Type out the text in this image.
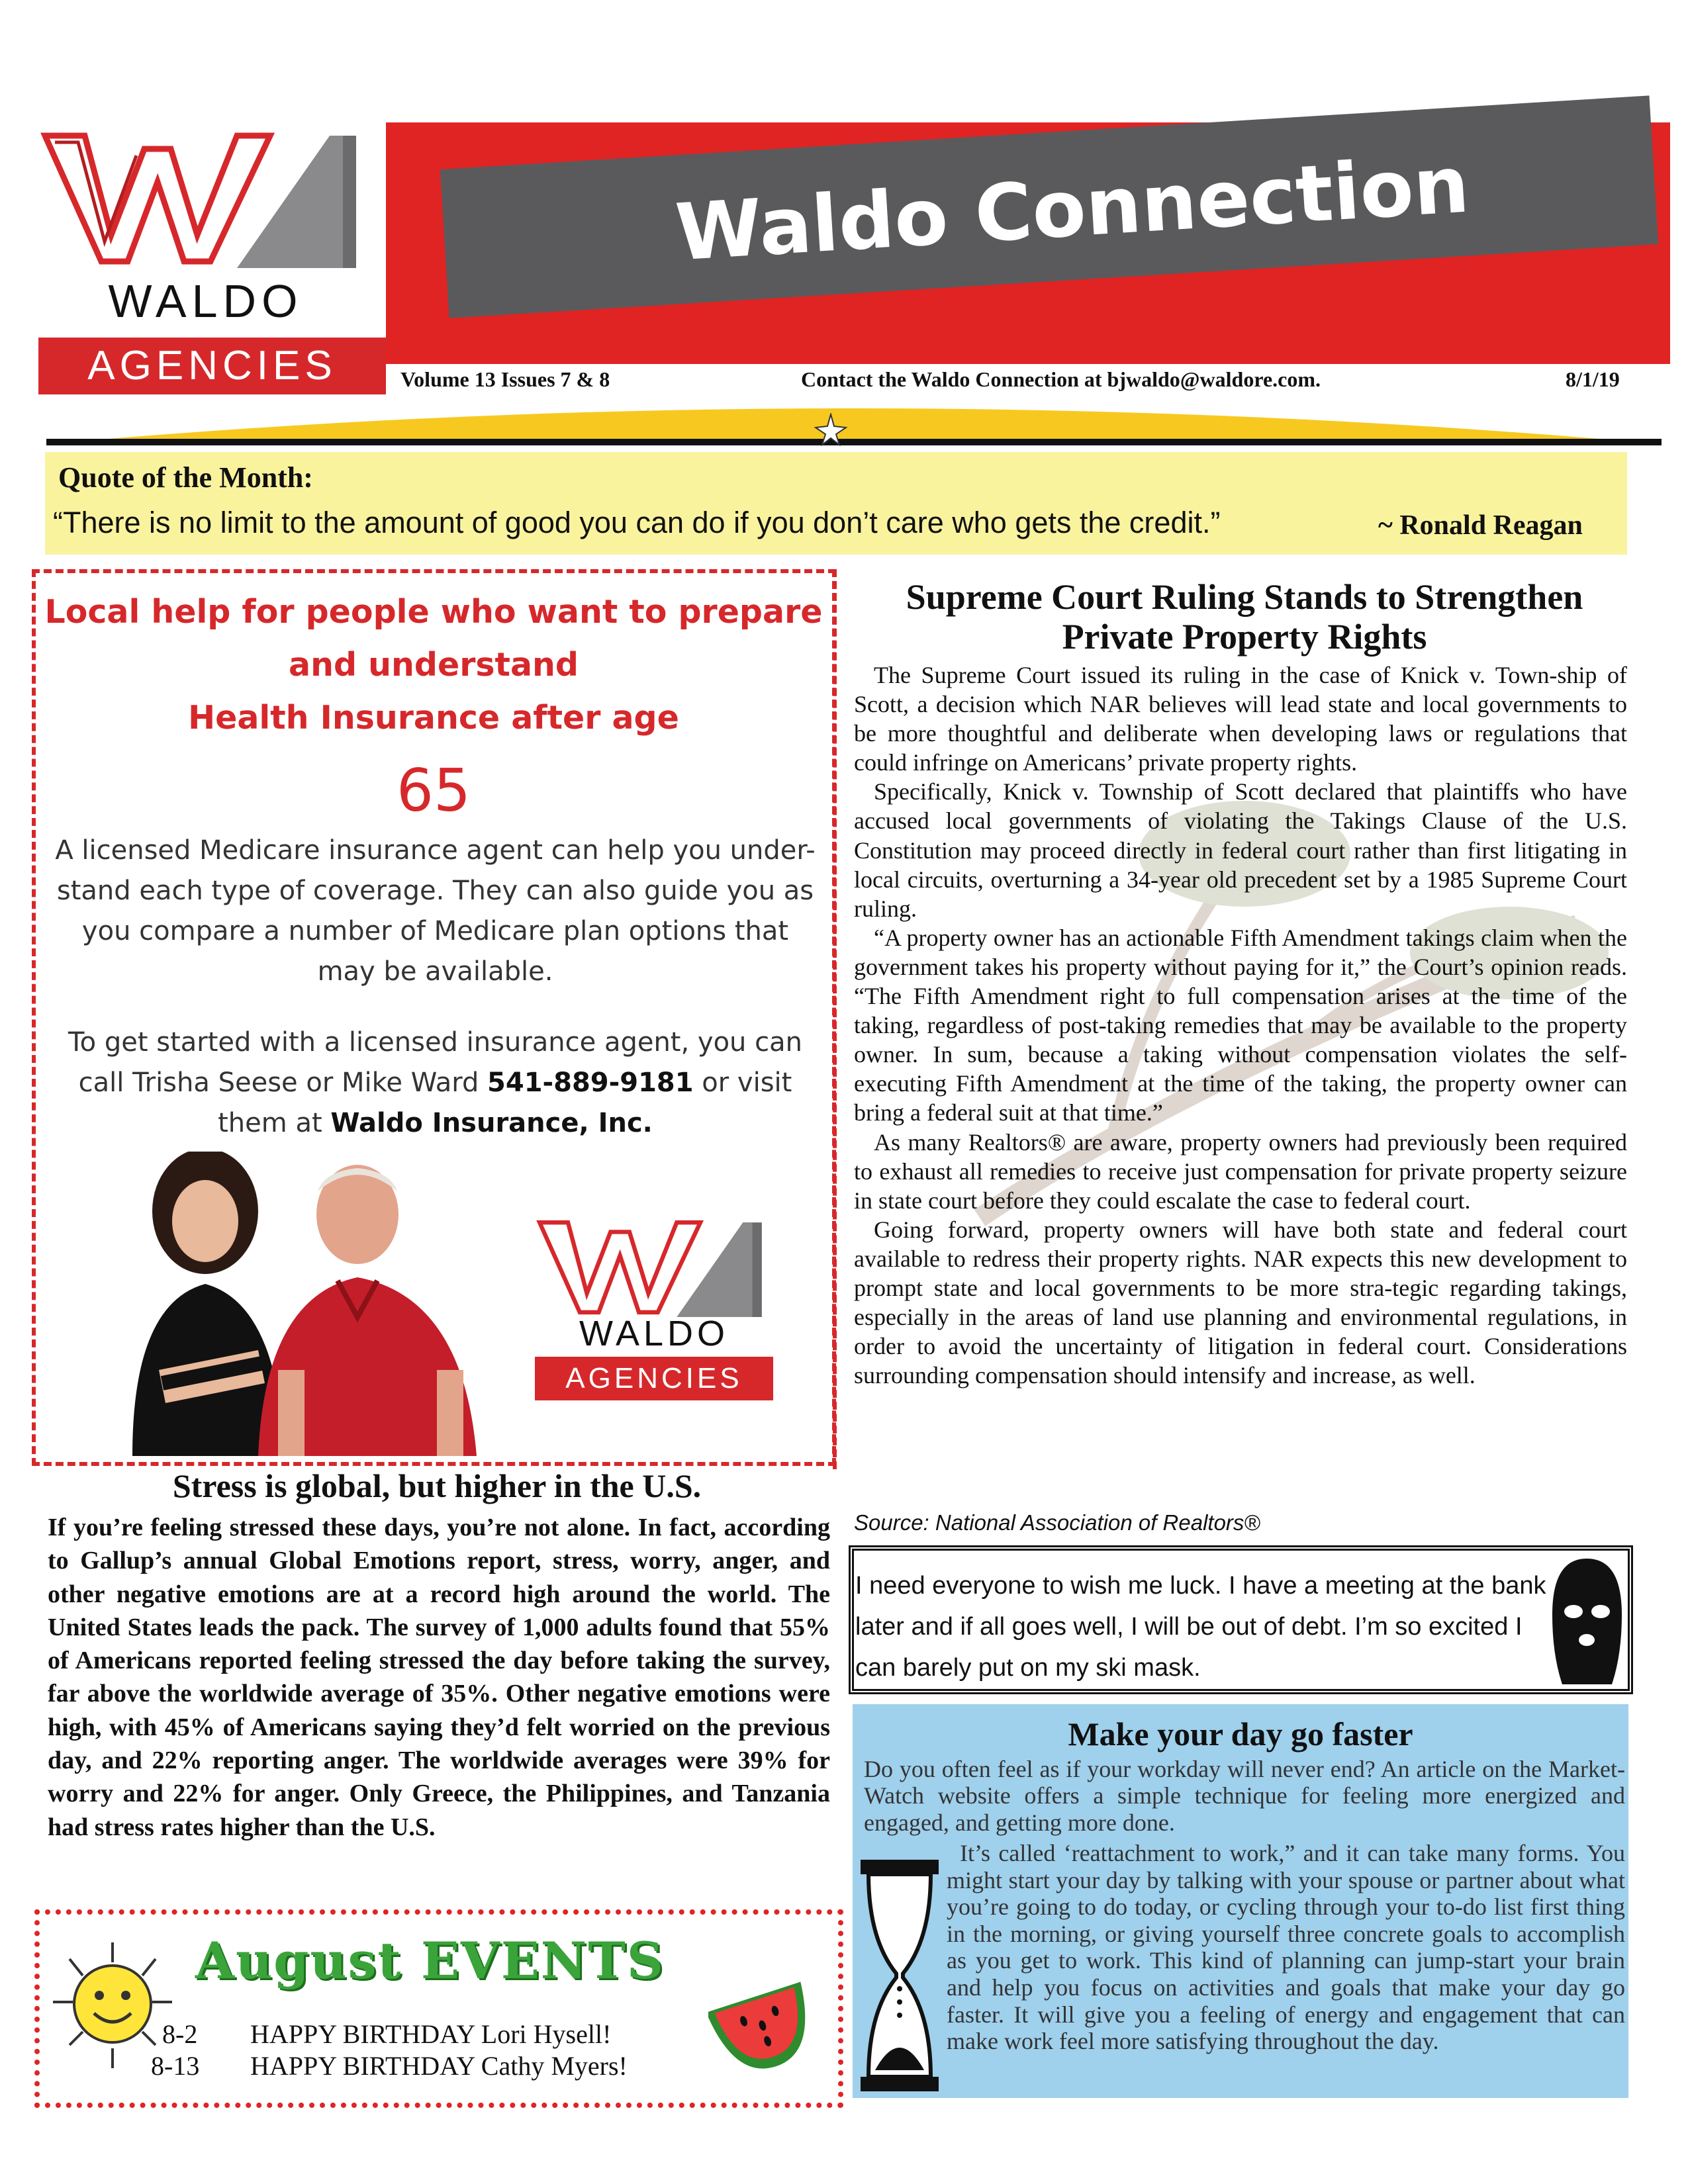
WALDO
AGENCIES
Waldo Connection
Volume 13 Issues 7 & 8	Contact the Waldo Connection at bjwaldo@waldore.com.	8/1/19
Quote of the Month:
“There is no limit to the amount of good you can do if you don’t care who gets the credit.”	~ Ronald Reagan
Local help for people who want to prepare
and understand
Health Insurance after age
65
A licensed Medicare insurance agent can help you under-stand each type of coverage. They can also guide you as you compare a number of Medicare plan options that may be available.
To get started with a licensed insurance agent, you can call Trisha Seese or Mike Ward 541-889-9181 or visit them at Waldo Insurance, Inc.
WALDO
AGENCIES
Stress is global, but higher in the U.S.
If you’re feeling stressed these days, you’re not alone. In fact, according to Gallup’s annual Global Emotions report, stress, worry, anger, and other negative emotions are at a record high around the world. The United States leads the pack. The survey of 1,000 adults found that 55% of Americans reported feeling stressed the day before taking the survey, far above the worldwide average of 35%. Other negative emotions were high, with 45% of Americans saying they’d felt worried on the previous day, and 22% reporting anger. The worldwide averages were 39% for worry and 22% for anger. Only Greece, the Philippines, and Tanzania had stress rates higher than the U.S.
August EVENTS
8-2 HAPPY BIRTHDAY Lori Hysell!
8-13 HAPPY BIRTHDAY Cathy Myers!
Supreme Court Ruling Stands to Strengthen Private Property Rights

The Supreme Court issued its ruling in the case of Knick v. Town-ship of Scott, a decision which NAR believes will lead state and local governments to be more thoughtful and deliberate when developing laws or regulations that could infringe on Americans’ private property rights.

Specifically, Knick v. Township of Scott declared that plaintiffs who have accused local governments of violating the Takings Clause of the U.S. Constitution may proceed directly in federal court rather than first litigating in local circuits, overturning a 34-year old precedent set by a 1985 Supreme Court ruling.

“A property owner has an actionable Fifth Amendment takings claim when the government takes his property without paying for it,” the Court’s opinion reads. “The Fifth Amendment right to full compensation arises at the time of the taking, regardless of post-taking remedies that may be available to the property owner. In sum, because a taking without compensation violates the self-executing Fifth Amendment at the time of the taking, the property owner can bring a federal suit at that time.”

As many Realtors® are aware, property owners had previously been required to exhaust all remedies to receive just compensation for private property seizure in state court before they could escalate the case to federal court.

Going forward, property owners will have both state and federal court available to redress their property rights. NAR expects this new development to prompt state and local governments to be more stra-tegic regarding takings, especially in the areas of land use planning and environmental regulations, in order to avoid the uncertainty of litigation in federal court. Considerations surrounding compensation should intensify and increase, as well.

Source: National Association of Realtors®
I need everyone to wish me luck. I have a meeting at the bank later and if all goes well, I will be out of debt. I’m so excited I can barely put on my ski mask.
Make your day go faster
Do you often feel as if your workday will never end? An article on the Market-Watch website offers a simple technique for feeling more energized and engaged, and getting more done.
It’s called ‘reattachment to work,” and it can take many forms. You might start your day by talking with your spouse or partner about what you’re going to do today, or cycling through your to-do list first thing in the morning, or giving yourself three concrete goals to accomplish as you get to work. This kind of planning can jump-start your brain and help you focus on activities and goals that make your day go faster. It will give you a feeling of energy and engagement that can make work feel more satisfying throughout the day.
